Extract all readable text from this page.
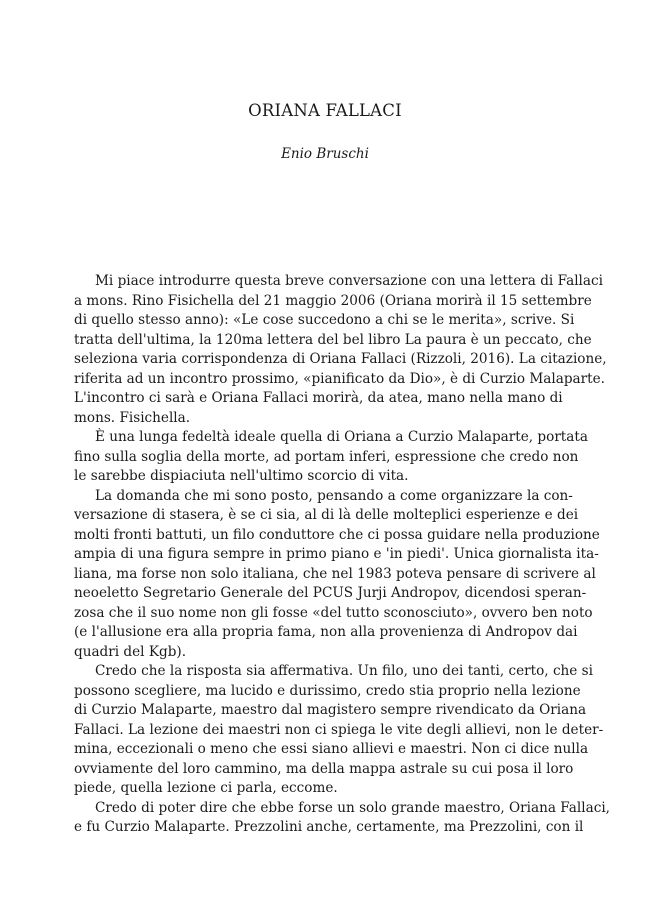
ORIANA FALLACI
Enio Bruschi
Mi piace introdurre questa breve conversazione con una lettera di Fallaci
a mons. Rino Fisichella del 21 maggio 2006 (Oriana morirà il 15 settembre
di quello stesso anno): «Le cose succedono a chi se le merita», scrive. Si
tratta dell'ultima, la 120ma lettera del bel libro La paura è un peccato, che
seleziona varia corrispondenza di Oriana Fallaci (Rizzoli, 2016). La citazione,
riferita ad un incontro prossimo, «pianificato da Dio», è di Curzio Malaparte.
L'incontro ci sarà e Oriana Fallaci morirà, da atea, mano nella mano di
mons. Fisichella.
È una lunga fedeltà ideale quella di Oriana a Curzio Malaparte, portata
fino sulla soglia della morte, ad portam inferi, espressione che credo non
le sarebbe dispiaciuta nell'ultimo scorcio di vita.
La domanda che mi sono posto, pensando a come organizzare la con-
versazione di stasera, è se ci sia, al di là delle molteplici esperienze e dei
molti fronti battuti, un filo conduttore che ci possa guidare nella produzione
ampia di una figura sempre in primo piano e 'in piedi'. Unica giornalista ita-
liana, ma forse non solo italiana, che nel 1983 poteva pensare di scrivere al
neoeletto Segretario Generale del PCUS Jurji Andropov, dicendosi speran-
zosa che il suo nome non gli fosse «del tutto sconosciuto», ovvero ben noto
(e l'allusione era alla propria fama, non alla provenienza di Andropov dai
quadri del Kgb).
Credo che la risposta sia affermativa. Un filo, uno dei tanti, certo, che si
possono scegliere, ma lucido e durissimo, credo stia proprio nella lezione
di Curzio Malaparte, maestro dal magistero sempre rivendicato da Oriana
Fallaci. La lezione dei maestri non ci spiega le vite degli allievi, non le deter-
mina, eccezionali o meno che essi siano allievi e maestri. Non ci dice nulla
ovviamente del loro cammino, ma della mappa astrale su cui posa il loro
piede, quella lezione ci parla, eccome.
Credo di poter dire che ebbe forse un solo grande maestro, Oriana Fallaci,
e fu Curzio Malaparte. Prezzolini anche, certamente, ma Prezzolini, con il
